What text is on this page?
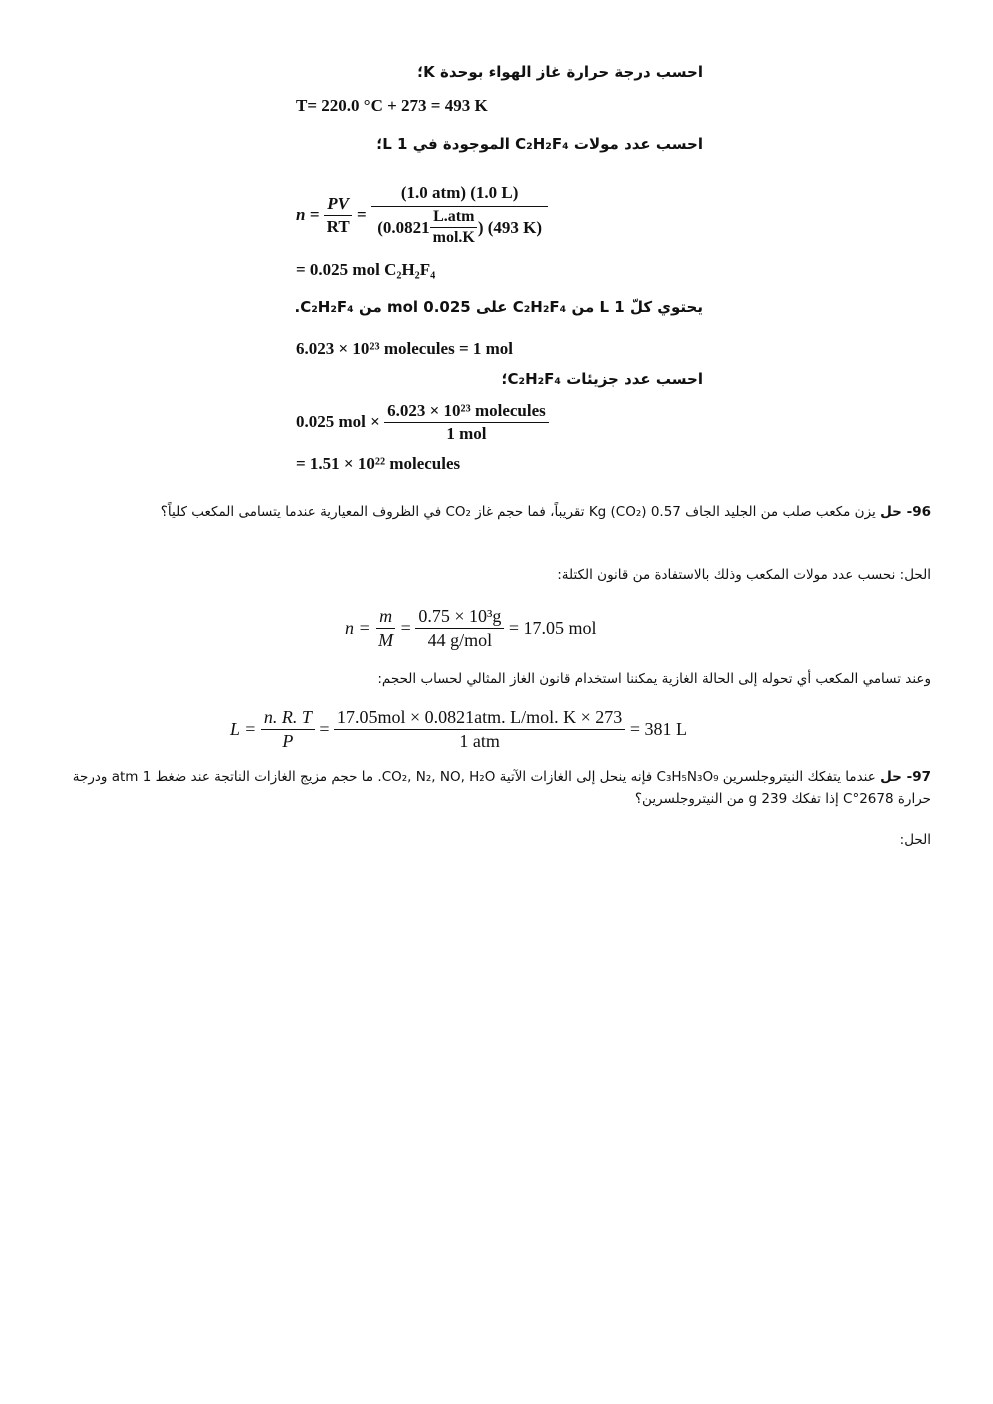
احسب درجة حرارة غاز الهواء بوحدة K؛
T= 220.0 °C + 273 = 493 K
احسب عدد مولات C₂H₂F₄ الموجودة في 1 L؛
n =
$\frac{PV}{RT}$ =
(1.0 atm) (1.0 L)
($0.0821 \frac{\text{L.atm}}{\text{mol.K}}$ ) (493 K)
= 0.025 mol C₂H₂F₄
يحتوي كلّ 1 L من C₂H₂F₄ على 0.025 mol من C₂H₂F₄.
6.023 × 10²³ molecules = 1 mol
احسب عدد جزيئات C₂H₂F₄؛
0.025 mol ×
$\frac{\text{6.023 × 10²³ molecules}}{\text{1 mol}}$
= 1.51 × 10²² molecules
96- حل يزن مكعب صلب من الجليد الجاف 0.57 Kg (CO₂) تقريباً، فما حجم غاز CO₂ في الظروف المعيارية عندما يتسامى المكعب كلياً؟
الحل: نحسب عدد مولات المكعب وذلك بالاستفادة من قانون الكتلة:
n =
$\frac{m}{M} = \frac{\text{0.75 × 10³g}}{\text{44 g/mol}}$
= 17.05 mol
وعند تسامي المكعب أي تحوله إلى الحالة الغازية يمكننا استخدام قانون الغاز المثالي لحساب الحجم:
L =
$\frac{n. R. T}{P} = \frac{\text{17.05mol × 0.0821atm. L/mol. K × 273}}{\text{1 atm}}$
= 381 L
97- حل عندما يتفكك النيتروجلسرين C₃H₅N₃O₉ فإنه ينحل إلى الغازات الآتية CO₂, N₂, NO, H₂O. ما حجم مزيج الغازات الناتجة عند ضغط 1 atm ودرجة حرارة 2678°C إذا تفكك 239 g من النيتروجلسرين؟
الحل:
